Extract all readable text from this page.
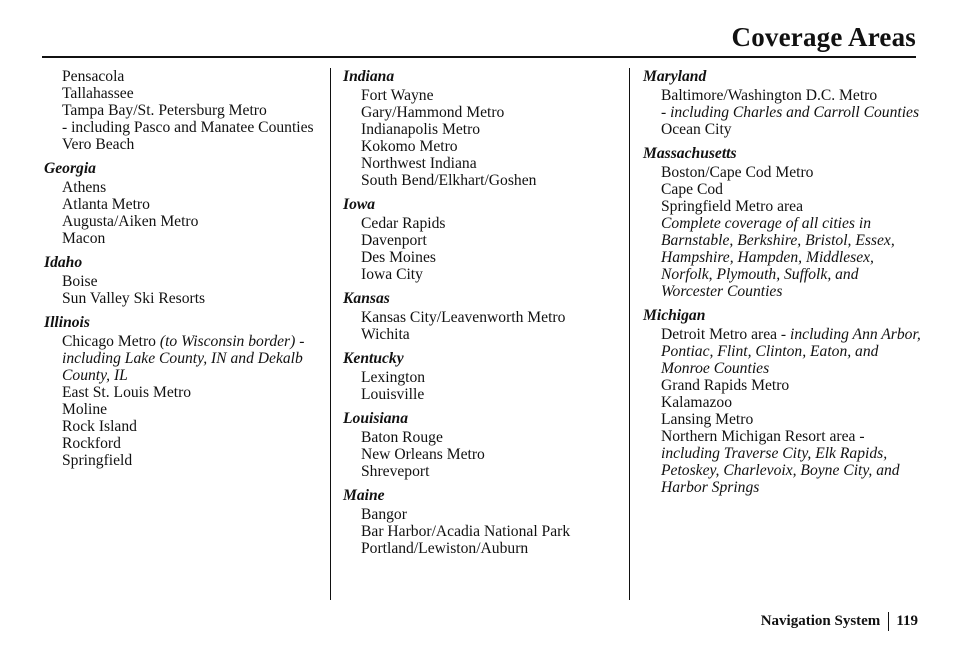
Coverage Areas
Pensacola
Tallahassee
Tampa Bay/St. Petersburg Metro
- including Pasco and Manatee Counties
Vero Beach
Georgia
Athens
Atlanta Metro
Augusta/Aiken Metro
Macon
Idaho
Boise
Sun Valley Ski Resorts
Illinois
Chicago Metro (to Wisconsin border) - including Lake County, IN and Dekalb County, IL
East St. Louis Metro
Moline
Rock Island
Rockford
Springfield
Indiana
Fort Wayne
Gary/Hammond Metro
Indianapolis Metro
Kokomo Metro
Northwest Indiana
South Bend/Elkhart/Goshen
Iowa
Cedar Rapids
Davenport
Des Moines
Iowa City
Kansas
Kansas City/Leavenworth Metro
Wichita
Kentucky
Lexington
Louisville
Louisiana
Baton Rouge
New Orleans Metro
Shreveport
Maine
Bangor
Bar Harbor/Acadia National Park
Portland/Lewiston/Auburn
Maryland
Baltimore/Washington D.C. Metro
- including Charles and Carroll Counties
Ocean City
Massachusetts
Boston/Cape Cod Metro
Cape Cod
Springfield Metro area
Complete coverage of all cities in Barnstable, Berkshire, Bristol, Essex, Hampshire, Hampden, Middlesex, Norfolk, Plymouth, Suffolk, and Worcester Counties
Michigan
Detroit Metro area - including Ann Arbor, Pontiac, Flint, Clinton, Eaton, and Monroe Counties
Grand Rapids Metro
Kalamazoo
Lansing Metro
Northern Michigan Resort area - including Traverse City, Elk Rapids, Petoskey, Charlevoix, Boyne City, and Harbor Springs
Navigation System	119
